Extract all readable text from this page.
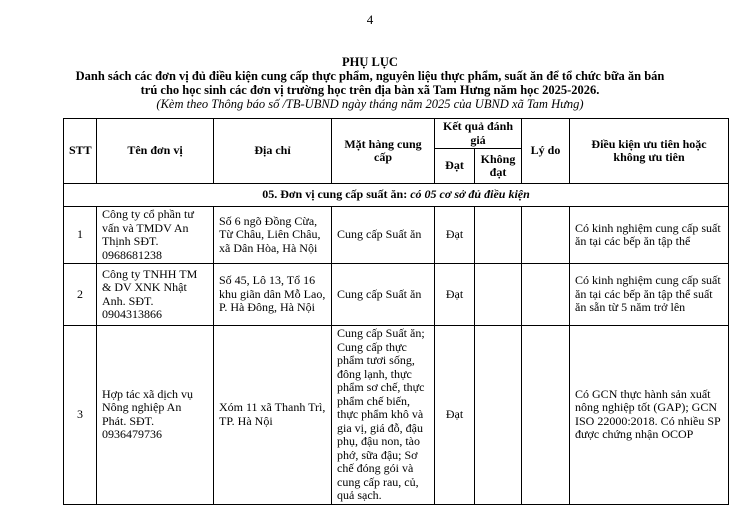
4
PHỤ LỤC
Danh sách các đơn vị đủ điều kiện cung cấp thực phẩm, nguyên liệu thực phẩm, suất ăn để tổ chức bữa ăn bán
trú cho học sinh các đơn vị trường học trên địa bàn xã Tam Hưng năm học 2025-2026.
(Kèm theo Thông báo số /TB-UBND ngày tháng năm 2025 của UBND xã Tam Hưng)
STT	Tên đơn vị	Địa chỉ	Mặt hàng cung cấp	Kết quả đánh giá		Lý do	Điều kiện ưu tiên hoặc không ưu tiên
				Đạt	Không đạt		
05. Đơn vị cung cấp suất ăn: có 05 cơ sở đủ điều kiện							
1	Công ty cổ phần tư vấn và TMDV An Thịnh SĐT. 0968681238	Số 6 ngõ Đồng Cừa, Từ Châu, Liên Châu, xã Dân Hòa, Hà Nội	Cung cấp Suất ăn	Đạt			Có kinh nghiệm cung cấp suất ăn tại các bếp ăn tập thể
2	Công ty TNHH TM & DV XNK Nhật Anh. SĐT. 0904313866	Số 45, Lô 13, Tổ 16 khu giãn dân Mỗ Lao, P. Hà Đông, Hà Nội	Cung cấp Suất ăn	Đạt			Có kinh nghiệm cung cấp suất ăn tại các bếp ăn tập thể suất ăn sẵn từ 5 năm trở lên
3	Hợp tác xã dịch vụ Nông nghiệp An Phát. SĐT. 0936479736	Xóm 11 xã Thanh Trì, TP. Hà Nội	Cung cấp Suất ăn; Cung cấp thực phẩm tươi sống, đông lạnh, thực phẩm sơ chế, thực phẩm chế biến, thực phẩm khô và gia vị, giá đỗ, đậu phụ, đậu non, tào phớ, sữa đậu; Sơ chế đóng gói và cung cấp rau, củ, quả sạch.	Đạt			Có GCN thực hành sản xuất nông nghiệp tốt (GAP); GCN ISO 22000:2018. Có nhiều SP được chứng nhận OCOP
